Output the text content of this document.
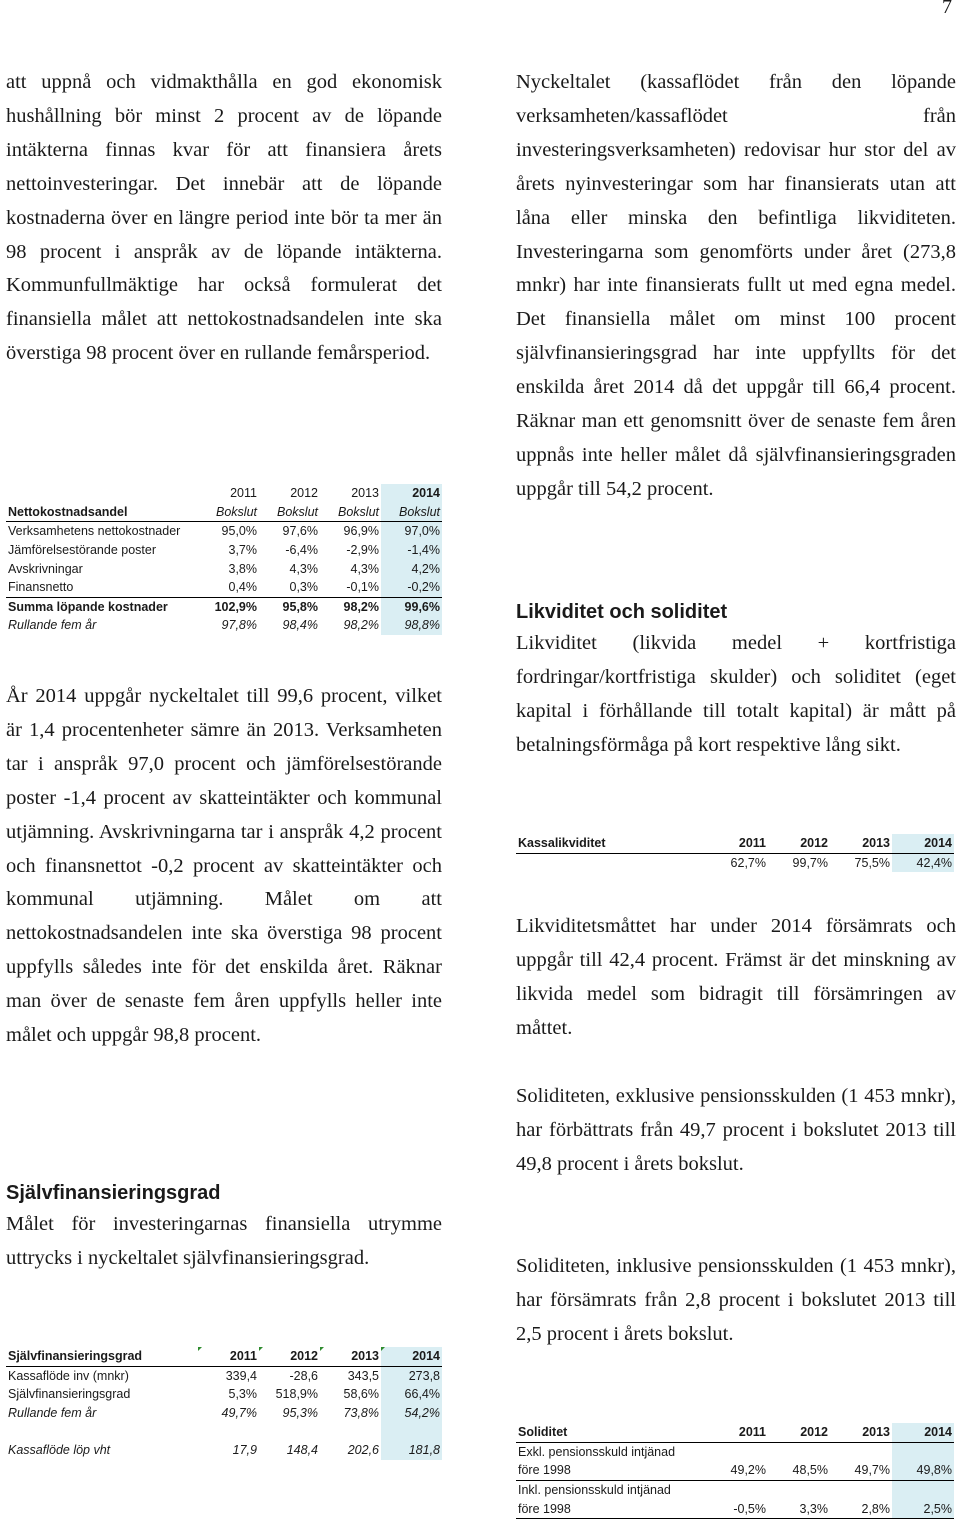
7

att uppnå och vidmakthålla en god ekonomisk hushållning bör minst 2 procent av de löpande intäkterna finnas kvar för att finansiera årets nettoinvesteringar. Det innebär att de löpande kostnaderna över en längre period inte bör ta mer än 98 procent i anspråk av de löpande intäkterna. Kommunfullmäktige har också formulerat det finansiella målet att nettokostnadsandelen inte ska överstiga 98 procent över en rullande femårsperiod.

	2011	2012	2013	2014
Nettokostnadsandel	Bokslut	Bokslut	Bokslut	Bokslut
Verksamhetens nettokostnader	95,0%	97,6%	96,9%	97,0%
Jämförelsestörande poster	3,7%	-6,4%	-2,9%	-1,4%
Avskrivningar	3,8%	4,3%	4,3%	4,2%
Finansnetto	0,4%	0,3%	-0,1%	-0,2%
Summa löpande kostnader	102,9%	95,8%	98,2%	99,6%
Rullande fem år	97,8%	98,4%	98,2%	98,8%

År 2014 uppgår nyckeltalet till 99,6 procent, vilket är 1,4 procentenheter sämre än 2013. Verksamheten tar i anspråk 97,0 procent och jämförelsestörande poster -1,4 procent av skatteintäkter och kommunal utjämning. Avskrivningarna tar i anspråk 4,2 procent och finansnettot -0,2 procent av skatteintäkter och kommunal utjämning. Målet om att nettokostnadsandelen inte ska överstiga 98 procent uppfylls således inte för det enskilda året. Räknar man över de senaste fem åren uppfylls heller inte målet och uppgår 98,8 procent.

Självfinansieringsgrad

Målet för investeringarnas finansiella utrymme uttrycks i nyckeltalet självfinansieringsgrad.

Självfinansieringsgrad	2011	2012	2013	2014
Kassaflöde inv (mnkr)	339,4	-28,6	343,5	273,8
Självfinansieringsgrad	5,3%	518,9%	58,6%	66,4%
Rullande fem år	49,7%	95,3%	73,8%	54,2%

Kassaflöde löp vht	17,9	148,4	202,6	181,8

Nyckeltalet (kassaflödet från den löpande verksamheten/kassaflödet från investeringsverksamheten) redovisar hur stor del av årets nyinvesteringar som har finansierats utan att låna eller minska den befintliga likviditeten. Investeringarna som genomförts under året (273,8 mnkr) har inte finansierats fullt ut med egna medel. Det finansiella målet om minst 100 procent självfinansieringsgrad har inte uppfyllts för det enskilda året 2014 då det uppgår till 66,4 procent. Räknar man ett genomsnitt över de senaste fem åren uppnås inte heller målet då självfinansieringsgraden uppgår till 54,2 procent.

Likviditet och soliditet

Likviditet (likvida medel + kortfristiga fordringar/kortfristiga skulder) och soliditet (eget kapital i förhållande till totalt kapital) är mått på betalningsförmåga på kort respektive lång sikt.

Kassalikviditet	2011	2012	2013	2014
	62,7%	99,7%	75,5%	42,4%

Likviditetsmåttet har under 2014 försämrats och uppgår till 42,4 procent. Främst är det minskning av likvida medel som bidragit till försämringen av måttet.

Soliditeten, exklusive pensionsskulden (1 453 mnkr), har förbättrats från 49,7 procent i bokslutet 2013 till 49,8 procent i årets bokslut.

Soliditeten, inklusive pensionsskulden (1 453 mnkr), har försämrats från 2,8 procent i bokslutet 2013 till 2,5 procent i årets bokslut.

Soliditet	2011	2012	2013	2014
Exkl. pensionsskuld intjänad				
före 1998	49,2%	48,5%	49,7%	49,8%
Inkl. pensionsskuld intjänad				
före 1998	-0,5%	3,3%	2,8%	2,5%
